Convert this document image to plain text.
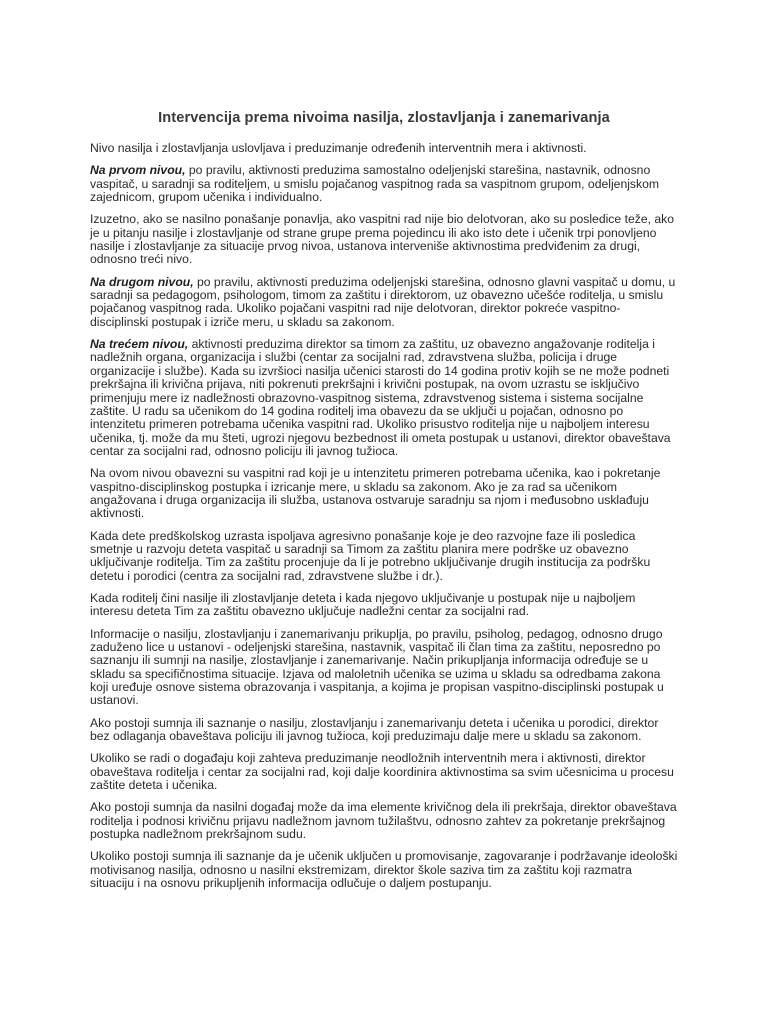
Intervencija prema nivoima nasilja, zlostavljanja i zanemarivanja

Nivo nasilja i zlostavljanja uslovljava i preduzimanje određenih interventnih mera i aktivnosti.

Na prvom nivou, po pravilu, aktivnosti preduzima samostalno odeljenjski starešina, nastavnik, odnosno vaspitač, u saradnji sa roditeljem, u smislu pojačanog vaspitnog rada sa vaspitnom grupom, odeljenjskom zajednicom, grupom učenika i individualno.

Izuzetno, ako se nasilno ponašanje ponavlja, ako vaspitni rad nije bio delotvoran, ako su posledice teže, ako je u pitanju nasilje i zlostavljanje od strane grupe prema pojedincu ili ako isto dete i učenik trpi ponovljeno nasilje i zlostavljanje za situacije prvog nivoa, ustanova interveniše aktivnostima predviđenim za drugi, odnosno treći nivo.

Na drugom nivou, po pravilu, aktivnosti preduzima odeljenjski starešina, odnosno glavni vaspitač u domu, u saradnji sa pedagogom, psihologom, timom za zaštitu i direktorom, uz obavezno učešće roditelja, u smislu pojačanog vaspitnog rada. Ukoliko pojačani vaspitni rad nije delotvoran, direktor pokreće vaspitno-disciplinski postupak i izriče meru, u skladu sa zakonom.

Na trećem nivou, aktivnosti preduzima direktor sa timom za zaštitu, uz obavezno angažovanje roditelja i nadležnih organa, organizacija i službi (centar za socijalni rad, zdravstvena služba, policija i druge organizacije i službe). Kada su izvršioci nasilja učenici starosti do 14 godina protiv kojih se ne može podneti prekršajna ili krivična prijava, niti pokrenuti prekršajni i krivični postupak, na ovom uzrastu se isključivo primenjuju mere iz nadležnosti obrazovno-vaspitnog sistema, zdravstvenog sistema i sistema socijalne zaštite. U radu sa učenikom do 14 godina roditelj ima obavezu da se uključi u pojačan, odnosno po intenzitetu primeren potrebama učenika vaspitni rad. Ukoliko prisustvo roditelja nije u najboljem interesu učenika, tj. može da mu šteti, ugrozi njegovu bezbednost ili ometa postupak u ustanovi, direktor obaveštava centar za socijalni rad, odnosno policiju ili javnog tužioca.

Na ovom nivou obavezni su vaspitni rad koji je u intenzitetu primeren potrebama učenika, kao i pokretanje vaspitno-disciplinskog postupka i izricanje mere, u skladu sa zakonom. Ako je za rad sa učenikom angažovana i druga organizacija ili služba, ustanova ostvaruje saradnju sa njom i međusobno usklađuju aktivnosti.

Kada dete predškolskog uzrasta ispoljava agresivno ponašanje koje je deo razvojne faze ili posledica smetnje u razvoju deteta vaspitač u saradnji sa Timom za zaštitu planira mere podrške uz obavezno uključivanje roditelja. Tim za zaštitu procenjuje da li je potrebno uključivanje drugih institucija za podršku detetu i porodici (centra za socijalni rad, zdravstvene službe i dr.).

Kada roditelj čini nasilje ili zlostavljanje deteta i kada njegovo uključivanje u postupak nije u najboljem interesu deteta Tim za zaštitu obavezno uključuje nadležni centar za socijalni rad.

Informacije o nasilju, zlostavljanju i zanemarivanju prikuplja, po pravilu, psiholog, pedagog, odnosno drugo zaduženo lice u ustanovi - odeljenjski starešina, nastavnik, vaspitač ili član tima za zaštitu, neposredno po saznanju ili sumnji na nasilje, zlostavljanje i zanemarivanje. Način prikupljanja informacija određuje se u skladu sa specifičnostima situacije. Izjava od maloletnih učenika se uzima u skladu sa odredbama zakona koji uređuje osnove sistema obrazovanja i vaspitanja, a kojima je propisan vaspitno-disciplinski postupak u ustanovi.

Ako postoji sumnja ili saznanje o nasilju, zlostavljanju i zanemarivanju deteta i učenika u porodici, direktor bez odlaganja obaveštava policiju ili javnog tužioca, koji preduzimaju dalje mere u skladu sa zakonom.

Ukoliko se radi o događaju koji zahteva preduzimanje neodložnih interventnih mera i aktivnosti, direktor obaveštava roditelja i centar za socijalni rad, koji dalje koordinira aktivnostima sa svim učesnicima u procesu zaštite deteta i učenika.

Ako postoji sumnja da nasilni događaj može da ima elemente krivičnog dela ili prekršaja, direktor obaveštava roditelja i podnosi krivičnu prijavu nadležnom javnom tužilaštvu, odnosno zahtev za pokretanje prekršajnog postupka nadležnom prekršajnom sudu.

Ukoliko postoji sumnja ili saznanje da je učenik uključen u promovisanje, zagovaranje i podržavanje ideološki motivisanog nasilja, odnosno u nasilni ekstremizam, direktor škole saziva tim za zaštitu koji razmatra situaciju i na osnovu prikupljenih informacija odlučuje o daljem postupanju.
